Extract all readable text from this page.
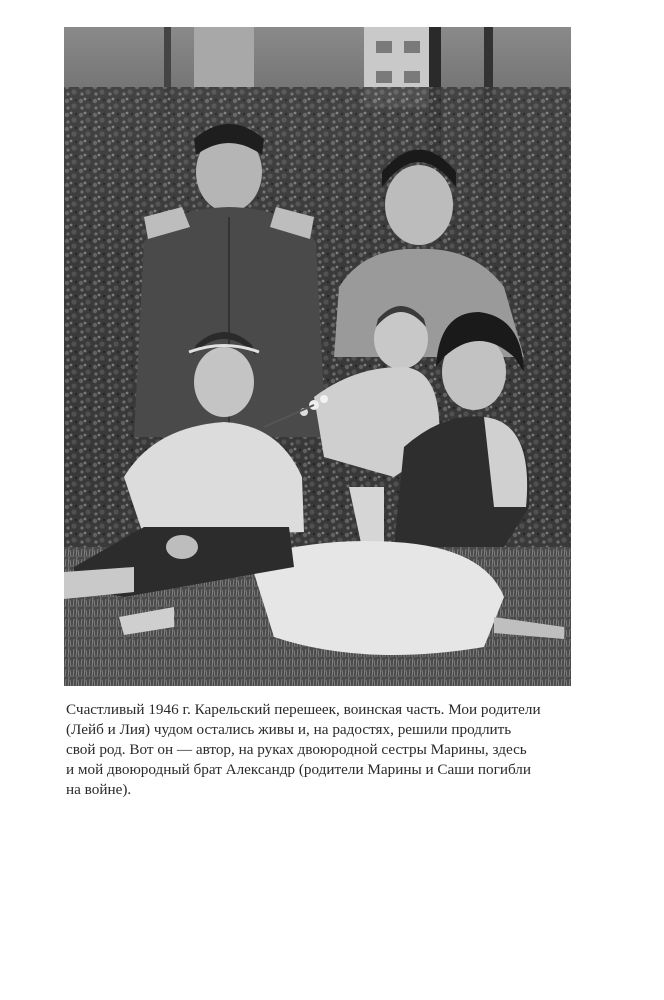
Счастливый 1946 г. Карельский перешеек, воинская часть. Мои родители
(Лейб и Лия) чудом остались живы и, на радостях, решили продлить
свой род. Вот он — автор, на руках двоюродной сестры Марины, здесь
и мой двоюродный брат Александр (родители Марины и Саши погибли
на войне).
